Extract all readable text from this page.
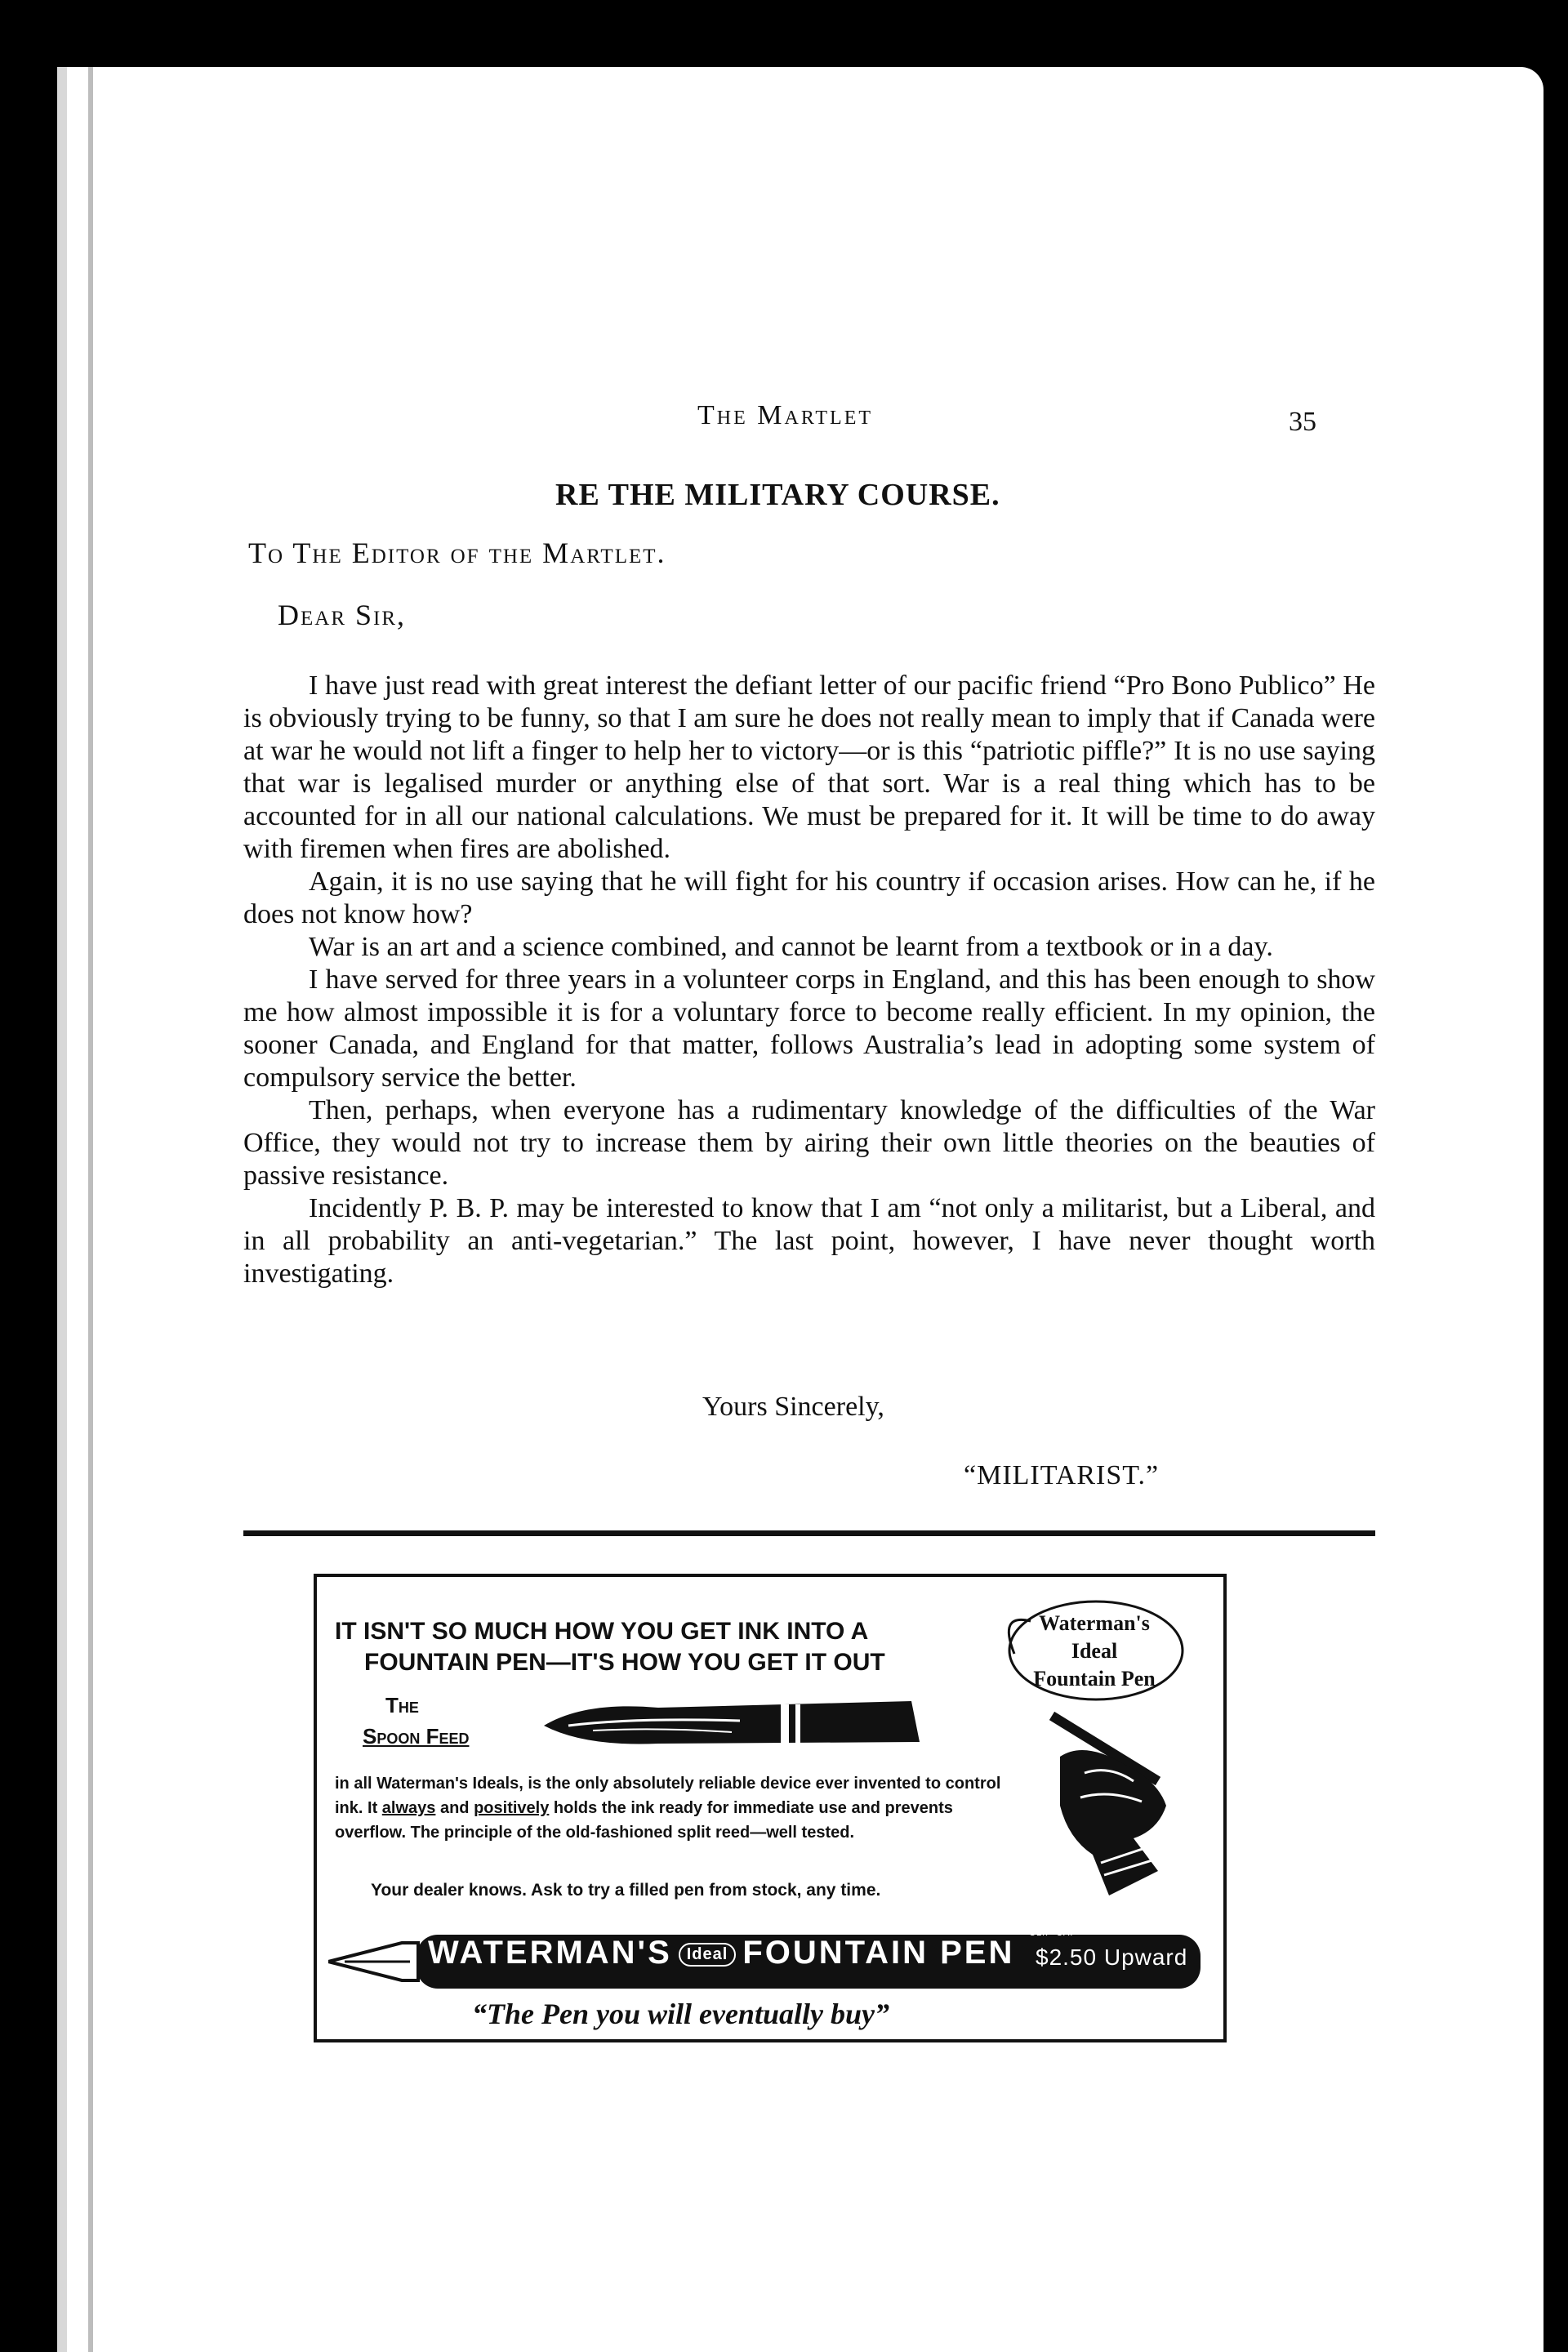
The Martlet	35
RE THE MILITARY COURSE.
To The Editor of the Martlet.
Dear Sir,

I have just read with great interest the defiant letter of our pacific friend “Pro Bono Publico” He is obviously trying to be funny, so that I am sure he does not really mean to imply that if Canada were at war he would not lift a finger to help her to victory—or is this “patriotic piffle?” It is no use saying that war is legalised murder or anything else of that sort. War is a real thing which has to be accounted for in all our national calculations. We must be prepared for it. It will be time to do away with firemen when fires are abolished.

Again, it is no use saying that he will fight for his country if occasion arises. How can he, if he does not know how?

War is an art and a science combined, and cannot be learnt from a textbook or in a day.

I have served for three years in a volunteer corps in England, and this has been enough to show me how almost impossible it is for a voluntary force to become really efficient. In my opinion, the sooner Canada, and England for that matter, follows Australia’s lead in adopting some system of compulsory service the better.

Then, perhaps, when everyone has a rudimentary knowledge of the difficulties of the War Office, they would not try to increase them by airing their own little theories on the beauties of passive resistance.

Incidently P. B. P. may be interested to know that I am “not only a militarist, but a Liberal, and in all probability an anti-vegetarian.” The last point, however, I have never thought worth investigating.

Yours Sincerely,
“MILITARIST.”
IT ISN'T SO MUCH HOW YOU GET INK INTO A
FOUNTAIN PEN—IT'S HOW YOU GET IT OUT
The
Spoon Feed
in all Waterman's Ideals, is the only absolutely reliable device ever invented to control ink. It always and positively holds the ink ready for immediate use and prevents overflow. The principle of the old-fashioned split reed—well tested.
Your dealer knows. Ask to try a filled pen from stock, any time.
Waterman's
Ideal
Fountain Pen
WATERMAN'S Ideal FOUNTAIN PEN
CLIP-CAP
$2.50 Upward
“The Pen you will eventually buy”
